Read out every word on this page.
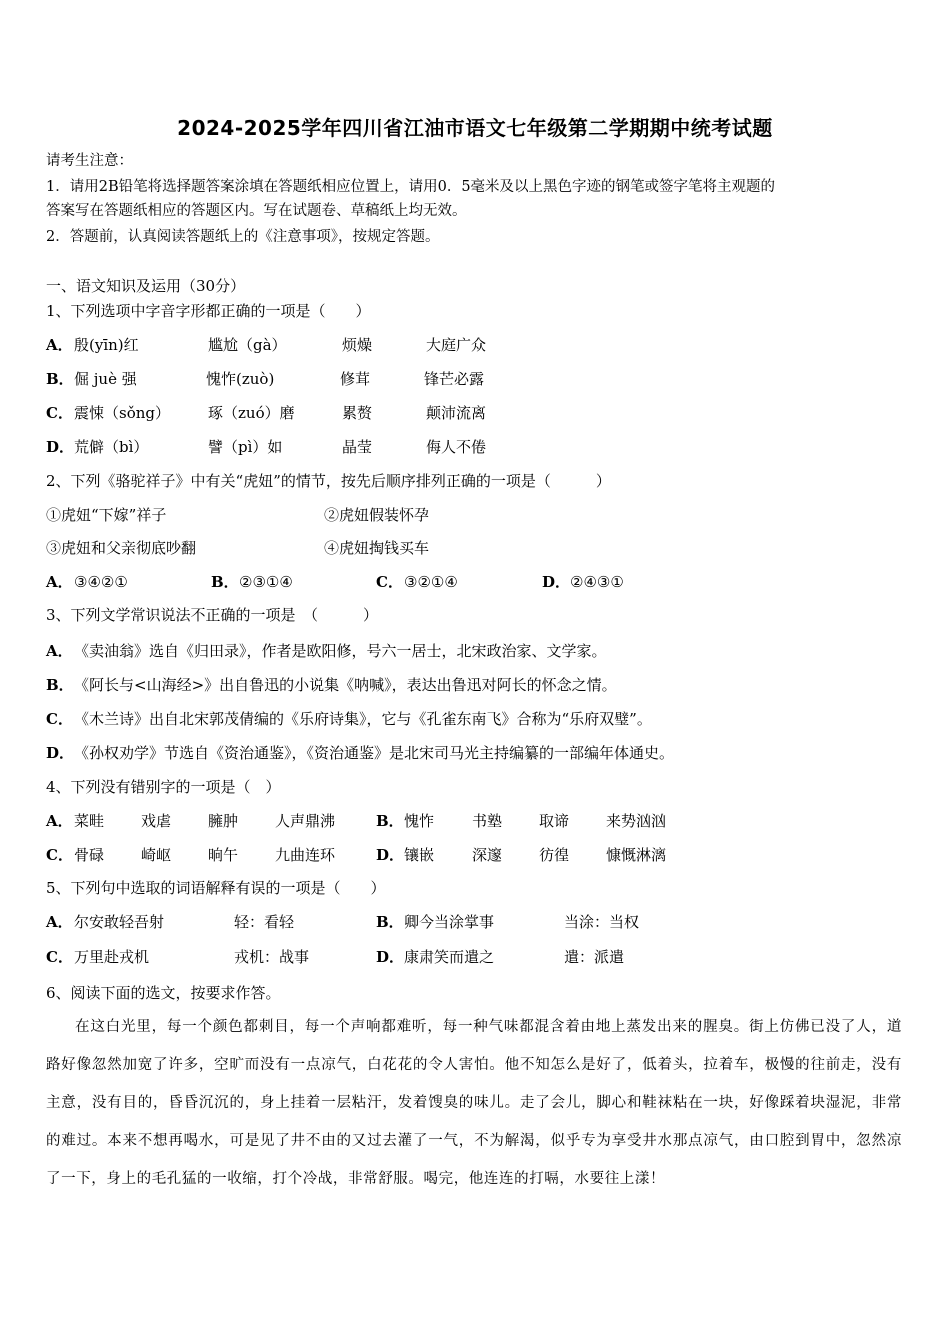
2024-2025学年四川省江油市语文七年级第二学期期中统考试题
请考生注意：
1．请用2B铅笔将选择题答案涂填在答题纸相应位置上，请用0．5毫米及以上黑色字迹的钢笔或签字笔将主观题的
答案写在答题纸相应的答题区内。写在试题卷、草稿纸上均无效。
2．答题前，认真阅读答题纸上的《注意事项》，按规定答题。
一、语文知识及运用（30分）
1、下列选项中字音字形都正确的一项是（　　）
A． 殷(yīn)红	尴尬（gà）	烦燥	大庭广众
B． 倔 juè 强	愧怍(zuò)	修茸	锋芒必露
C． 震悚（sǒng）	琢（zuó）磨	累赘	颠沛流离
D． 荒僻（bì）	譬（pì）如	晶莹	侮人不倦
2、下列《骆驼祥子》中有关“虎妞”的情节，按先后顺序排列正确的一项是（　　　）
①虎妞“下嫁”祥子	②虎妞假装怀孕
③虎妞和父亲彻底吵翻	④虎妞掏钱买车
A． ③④②①	B． ②③①④	C． ③②①④	D． ②④③①
3、下列文学常识说法不正确的一项是　（　　　）
A． 《卖油翁》选自《归田录》，作者是欧阳修，号六一居士，北宋政治家、文学家。
B． 《阿长与<山海经>》出自鲁迅的小说集《呐喊》，表达出鲁迅对阿长的怀念之情。
C． 《木兰诗》出自北宋郭茂倩编的《乐府诗集》，它与《孔雀东南飞》合称为“乐府双璧”。
D． 《孙权劝学》节选自《资治通鉴》，《资治通鉴》是北宋司马光主持编纂的一部编年体通史。
4、下列没有错别字的一项是（　）
A． 菜畦 戏虐 臃肿 人声鼎沸	B． 愧怍	书塾 取谛 来势汹汹
C． 骨碌 崎岖 晌午 九曲连环	D． 镶嵌	深邃 彷徨 慷慨淋漓
5、下列句中选取的词语解释有误的一项是（　　）
A． 尔安敢轻吾射	轻：看轻	B． 卿今当涂掌事	当涂：当权
C． 万里赴戎机	戎机：战事	D． 康肃笑而遣之	遣：派遣
6、阅读下面的选文，按要求作答。
在这白光里，每一个颜色都刺目，每一个声响都难听，每一种气味都混含着由地上蒸发出来的腥臭。街上仿佛已没了人，道路好像忽然加宽了许多，空旷而没有一点凉气，白花花的令人害怕。他不知怎么是好了，低着头，拉着车，极慢的往前走，没有主意，没有目的，昏昏沉沉的，身上挂着一层粘汗，发着馊臭的味儿。走了会儿，脚心和鞋袜粘在一块，好像踩着块湿泥，非常的难过。本来不想再喝水，可是见了井不由的又过去灌了一气，不为解渴，似乎专为享受井水那点凉气，由口腔到胃中，忽然凉了一下，身上的毛孔猛的一收缩，打个冷战，非常舒服。喝完，他连连的打嗝，水要往上漾！
